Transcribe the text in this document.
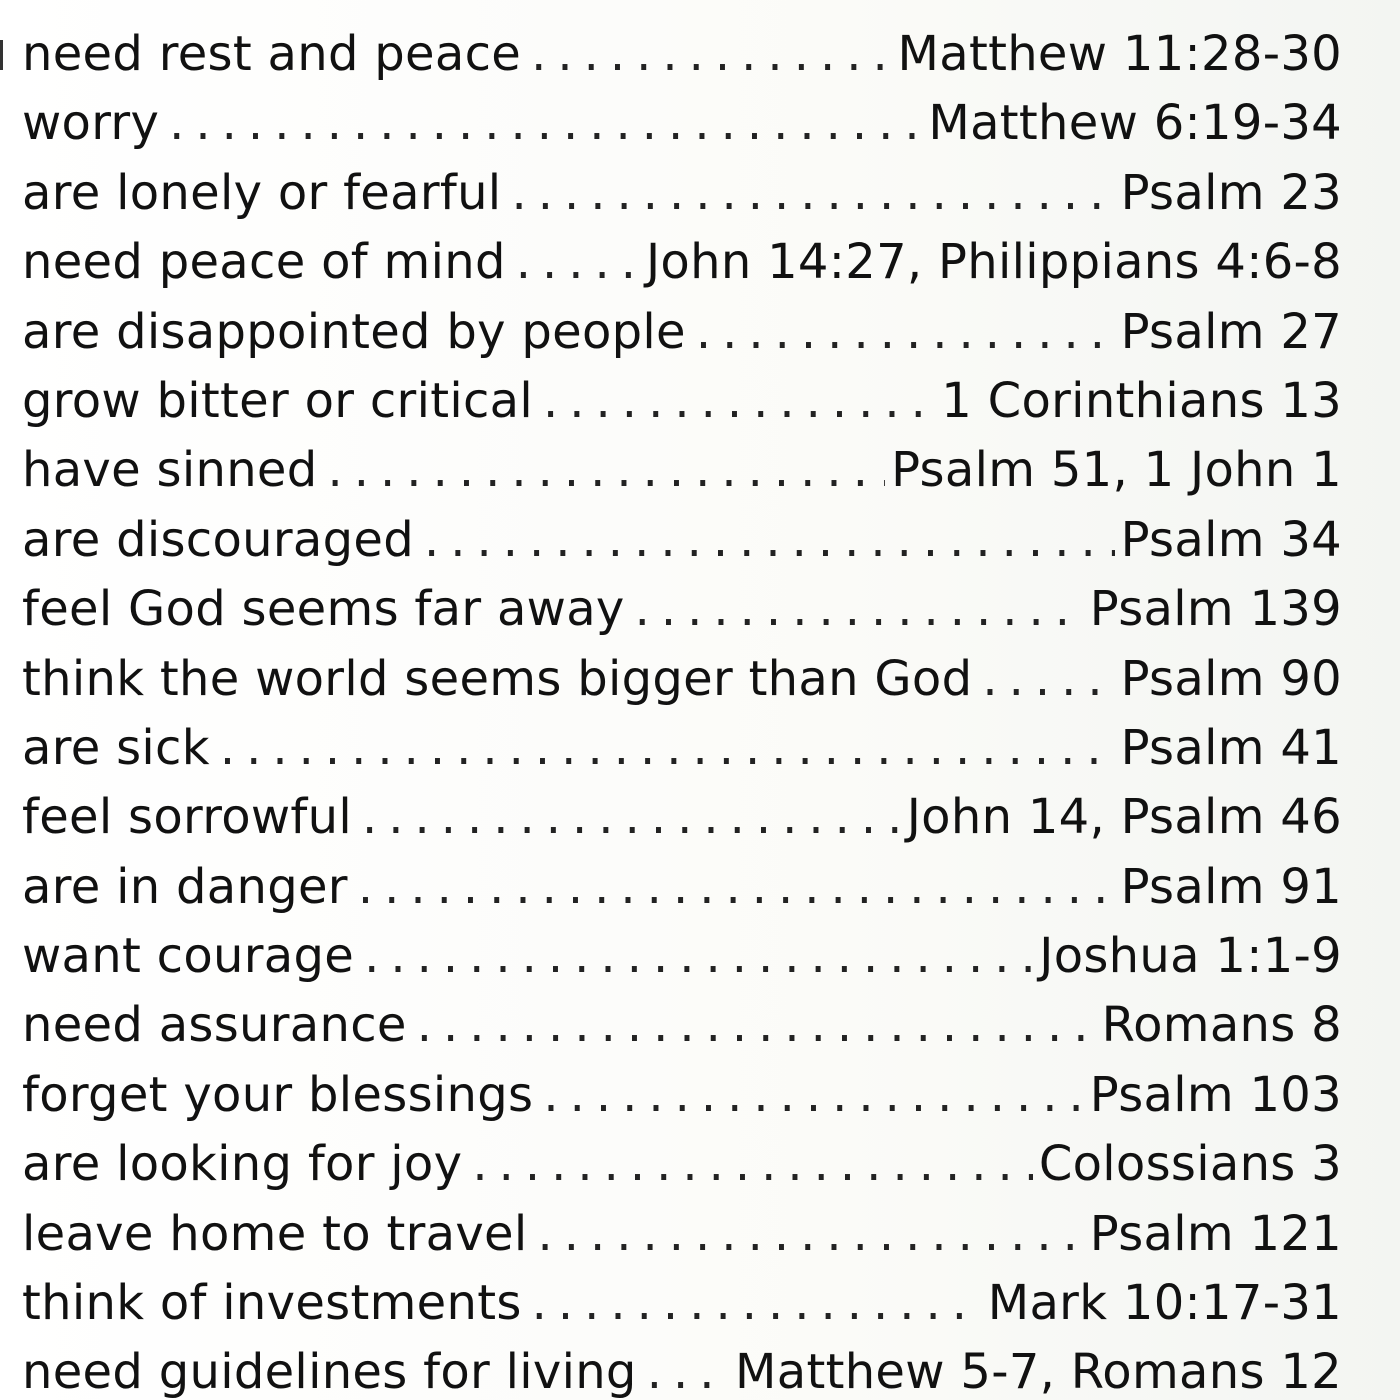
need rest and peace .....	Matthew 11:28-30
worry .....	Matthew 6:19-34
are lonely or fearful .....	Psalm 23
need peace of mind .....	John 14:27, Philippians 4:6-8
are disappointed by people .....	Psalm 27
grow bitter or critical .....	1 Corinthians 13
have sinned .....	Psalm 51, 1 John 1
are discouraged .....	Psalm 34
feel God seems far away .....	Psalm 139
think the world seems bigger than God .....	Psalm 90
are sick .....	Psalm 41
feel sorrowful .....	John 14, Psalm 46
are in danger .....	Psalm 91
want courage .....	Joshua 1:1-9
need assurance .....	Romans 8
forget your blessings .....	Psalm 103
are looking for joy .....	Colossians 3
leave home to travel .....	Psalm 121
think of investments .....	Mark 10:17-31
need guidelines for living ..... Matthew 5-7, Romans 12
